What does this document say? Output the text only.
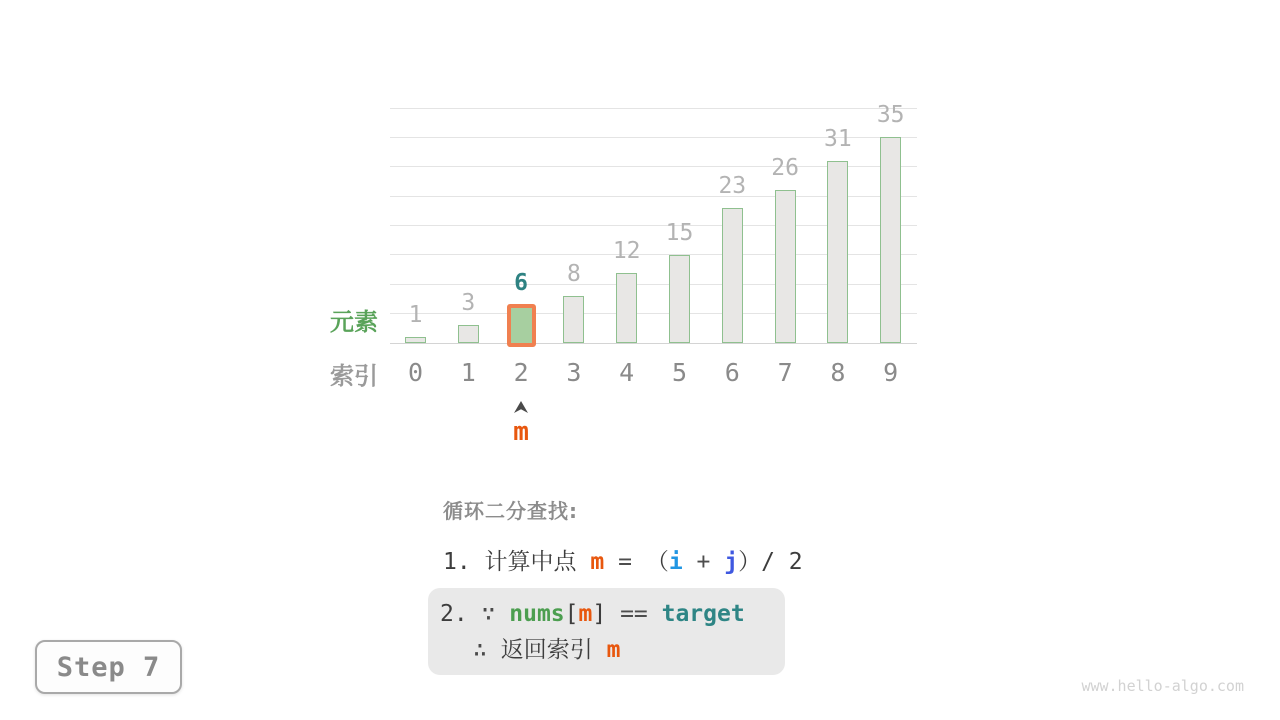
1	3
6	8
12
15
23
26
31
35
0	1	2	3	4	5	6	7	8	9
元素
索引
m
循环二分查找:
1. 计算中点 m = （i + j）/ 2
2. ∵ nums[m] == target
∴ 返回索引 m
Step 7
www.hello-algo.com
